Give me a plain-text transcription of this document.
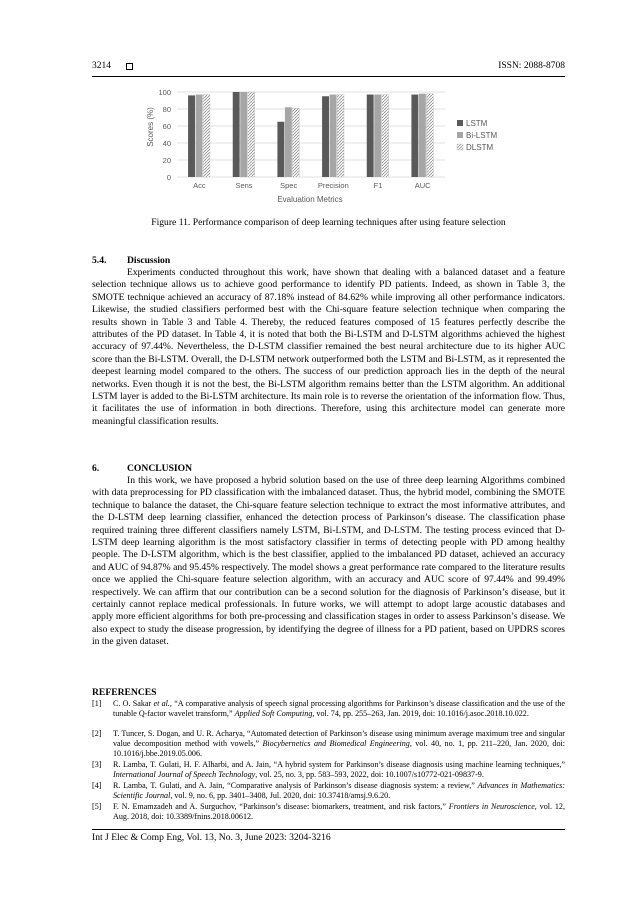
3214	ISSN: 2088-8708
0
20
40
60
80
100
Acc	Sens	Spec	Precision	F1	AUC
Scores (%)
Evaluation Metrics
LSTM
Bi-LSTM
DLSTM
Figure 11. Performance comparison of deep learning techniques after using feature selection
5.4. Discussion

Experiments conducted throughout this work, have shown that dealing with a balanced dataset and a feature selection technique allows us to achieve good performance to identify PD patients. Indeed, as shown in Table 3, the SMOTE technique achieved an accuracy of 87.18% instead of 84.62% while improving all other performance indicators. Likewise, the studied classifiers performed best with the Chi-square feature selection technique when comparing the results shown in Table 3 and Table 4. Thereby, the reduced features composed of 15 features perfectly describe the attributes of the PD dataset. In Table 4, it is noted that both the Bi-LSTM and D-LSTM algorithms achieved the highest accuracy of 97.44%. Nevertheless, the D-LSTM classifier remained the best neural architecture due to its higher AUC score than the Bi-LSTM. Overall, the D-LSTM network outperformed both the LSTM and Bi-LSTM, as it represented the deepest learning model compared to the others. The success of our prediction approach lies in the depth of the neural networks. Even though it is not the best, the Bi-LSTM algorithm remains better than the LSTM algorithm. An additional LSTM layer is added to the Bi-LSTM architecture. Its main role is to reverse the orientation of the information flow. Thus, it facilitates the use of information in both directions. Therefore, using this architecture model can generate more meaningful classification results.

6.	CONCLUSION

In this work, we have proposed a hybrid solution based on the use of three deep learning Algorithms combined with data preprocessing for PD classification with the imbalanced dataset. Thus, the hybrid model, combining the SMOTE technique to balance the dataset, the Chi-square feature selection technique to extract the most informative attributes, and the D-LSTM deep learning classifier, enhanced the detection process of Parkinson’s disease. The classification phase required training three different classifiers namely LSTM, Bi-LSTM, and D-LSTM. The testing process evinced that D-LSTM deep learning algorithm is the most satisfactory classifier in terms of detecting people with PD among healthy people. The D-LSTM algorithm, which is the best classifier, applied to the imbalanced PD dataset, achieved an accuracy and AUC of 94.87% and 95.45% respectively. The model shows a great performance rate compared to the literature results once we applied the Chi-square feature selection algorithm, with an accuracy and AUC score of 97.44% and 99.49% respectively. We can affirm that our contribution can be a second solution for the diagnosis of Parkinson’s disease, but it certainly cannot replace medical professionals. In future works, we will attempt to adopt large acoustic databases and apply more efficient algorithms for both pre-processing and classification stages in order to assess Parkinson’s disease. We also expect to study the disease progression, by identifying the degree of illness for a PD patient, based on UPDRS scores in the given dataset.

REFERENCES
[1] C. O. Sakar et al., “A comparative analysis of speech signal processing algorithms for Parkinson’s disease classification and the use of the tunable Q-factor wavelet transform,” Applied Soft Computing, vol. 74, pp. 255–263, Jan. 2019, doi: 10.1016/j.asoc.2018.10.022.
[2] T. Tuncer, S. Dogan, and U. R. Acharya, “Automated detection of Parkinson’s disease using minimum average maximum tree and singular value decomposition method with vowels,” Biocybernetics and Biomedical Engineering, vol. 40, no. 1, pp. 211–220, Jan. 2020, doi: 10.1016/j.bbe.2019.05.006.
[3] R. Lamba, T. Gulati, H. F. Alharbi, and A. Jain, “A hybrid system for Parkinson’s disease diagnosis using machine learning techniques,” International Journal of Speech Technology, vol. 25, no. 3, pp. 583–593, 2022, doi: 10.1007/s10772-021-09837-9.
[4] R. Lamba, T. Gulati, and A. Jain, “Comparative analysis of Parkinson’s disease diagnosis system: a review,” Advances in Mathematics: Scientific Journal, vol. 9, no. 6, pp. 3401–3408, Jul. 2020, doi: 10.37418/amsj.9.6.20.
[5] F. N. Emamzadeh and A. Surguchov, “Parkinson’s disease: biomarkers, treatment, and risk factors,” Frontiers in Neuroscience, vol. 12, Aug. 2018, doi: 10.3389/fnins.2018.00612.
Int J Elec & Comp Eng, Vol. 13, No. 3, June 2023: 3204-3216
